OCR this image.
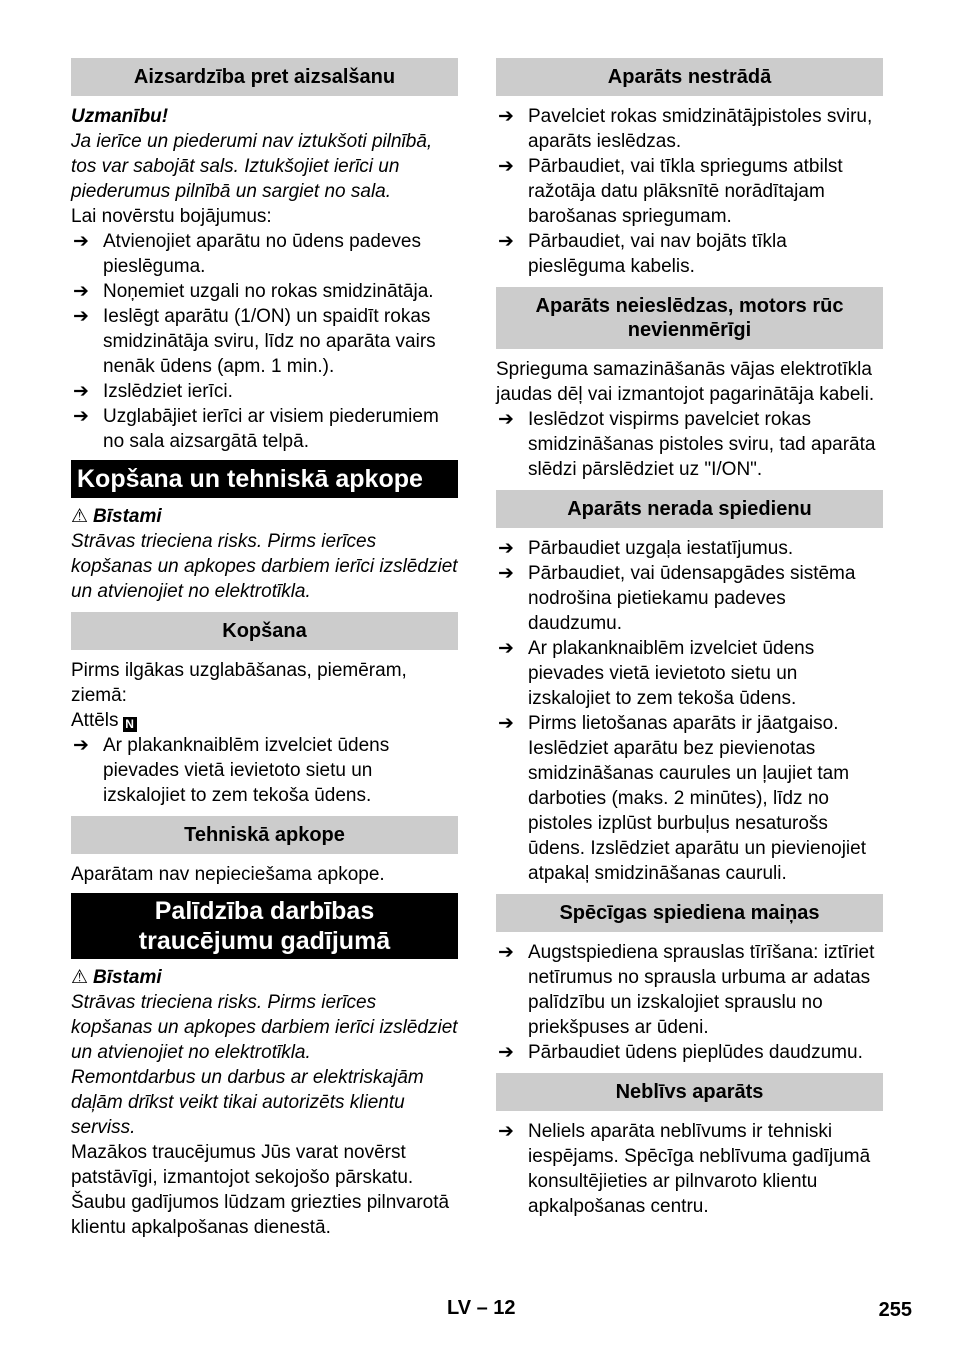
Aizsardzība pret aizsalšanu

Uzmanību!

Ja ierīce un piederumi nav iztukšoti pilnībā, tos var sabojāt sals. Iztukšojiet ierīci un piederumus pilnībā un sargiet no sala.

Lai novērstu bojājumus:

➔ Atvienojiet aparātu no ūdens padeves pieslēguma.
➔ Noņemiet uzgali no rokas smidzinātāja.
➔ Ieslēgt aparātu (1/ON) un spaidīt rokas smidzinātāja sviru, līdz no aparāta vairs nenāk ūdens (apm. 1 min.).
➔ Izslēdziet ierīci.
➔ Uzglabājiet ierīci ar visiem piederumiem no sala aizsargātā telpā.
Kopšana un tehniskā apkope

⚠ Bīstami

Strāvas trieciena risks. Pirms ierīces kopšanas un apkopes darbiem ierīci izslēdziet un atvienojiet no elektrotīkla.

Kopšana

Pirms ilgākas uzglabāšanas, piemēram, ziemā:

Attēls N

➔ Ar plakanknaiblēm izvelciet ūdens pievades vietā ievietoto sietu un izskalojiet to zem tekoša ūdens.
Tehniskā apkope

Aparātam nav nepieciešama apkope.

Palīdzība darbības
traucējumu gadījumā

⚠ Bīstami

Strāvas trieciena risks. Pirms ierīces kopšanas un apkopes darbiem ierīci izslēdziet un atvienojiet no elektrotīkla.

Remontdarbus un darbus ar elektriskajām daļām drīkst veikt tikai autorizēts klientu serviss.

Mazākos traucējumus Jūs varat novērst patstāvīgi, izmantojot sekojošo pārskatu. Šaubu gadījumos lūdzam griezties pilnvarotā klientu apkalpošanas dienestā.

Aparāts nestrādā
➔ Pavelciet rokas smidzinātājpistoles sviru, aparāts ieslēdzas.
➔ Pārbaudiet, vai tīkla spriegums atbilst ražotāja datu plāksnītē norādītajam barošanas spriegumam.
➔ Pārbaudiet, vai nav bojāts tīkla pieslēguma kabelis.
Aparāts neieslēdzas, motors rūc nevienmērīgi

Sprieguma samazināšanās vājas elektrotīkla jaudas dēļ vai izmantojot pagarinātāja kabeli.

➔ Ieslēdzot vispirms pavelciet rokas smidzināšanas pistoles sviru, tad aparāta slēdzi pārslēdziet uz "I/ON".
Aparāts nerada spiedienu
➔ Pārbaudiet uzgaļa iestatījumus.
➔ Pārbaudiet, vai ūdensapgādes sistēma nodrošina pietiekamu padeves daudzumu.
➔ Ar plakanknaiblēm izvelciet ūdens pievades vietā ievietoto sietu un izskalojiet to zem tekoša ūdens.
➔ Pirms lietošanas aparāts ir jāatgaiso. Ieslēdziet aparātu bez pievienotas smidzināšanas caurules un ļaujiet tam darboties (maks. 2 minūtes), līdz no pistoles izplūst burbuļus nesaturošs ūdens. Izslēdziet aparātu un pievienojiet atpakaļ smidzināšanas cauruli.
Spēcīgas spiediena maiņas
➔ Augstspiediena sprauslas tīrīšana: iztīriet netīrumus no sprausla urbuma ar adatas palīdzību un izskalojiet sprauslu no priekšpuses ar ūdeni.
➔ Pārbaudiet ūdens pieplūdes daudzumu.
Neblīvs aparāts
➔ Neliels aparāta neblīvums ir tehniski iespējams. Spēcīga neblīvuma gadījumā konsultējieties ar pilnvaroto klientu apkalpošanas centru.
LV – 12	255
